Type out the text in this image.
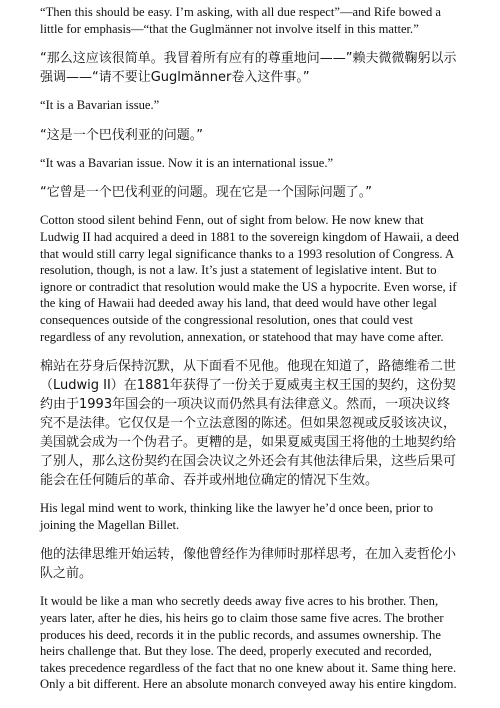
“Then this should be easy. I’m asking, with all due respect”—and Rife bowed a little for emphasis—“that the Guglmänner not involve itself in this matter.”

“那么这应该很简单。我冒着所有应有的尊重地问——”赖夫微微鞠躬以示强调——“请不要让Guglmänner卷入这件事。”

“It is a Bavarian issue.”

“这是一个巴伐利亚的问题。”

“It was a Bavarian issue. Now it is an international issue.”

“它曾是一个巴伐利亚的问题。现在它是一个国际问题了。”

Cotton stood silent behind Fenn, out of sight from below. He now knew that Ludwig II had acquired a deed in 1881 to the sovereign kingdom of Hawaii, a deed that would still carry legal significance thanks to a 1993 resolution of Congress. A resolution, though, is not a law. It’s just a statement of legislative intent. But to ignore or contradict that resolution would make the US a hypocrite. Even worse, if the king of Hawaii had deeded away his land, that deed would have other legal consequences outside of the congressional resolution, ones that could vest regardless of any revolution, annexation, or statehood that may have come after.

棉站在芬身后保持沉默，从下面看不见他。他现在知道了，路德维希二世（Ludwig II）在1881年获得了一份关于夏威夷主权王国的契约，这份契约由于1993年国会的一项决议而仍然具有法律意义。然而，一项决议终究不是法律。它仅仅是一个立法意图的陈述。但如果忽视或反驳该决议，美国就会成为一个伪君子。更糟的是，如果夏威夷国王将他的土地契约给了别人，那么这份契约在国会决议之外还会有其他法律后果，这些后果可能会在任何随后的革命、吞并或州地位确定的情况下生效。

His legal mind went to work, thinking like the lawyer he’d once been, prior to joining the Magellan Billet.

他的法律思维开始运转，像他曾经作为律师时那样思考，在加入麦哲伦小队之前。

It would be like a man who secretly deeds away five acres to his brother. Then, years later, after he dies, his heirs go to claim those same five acres. The brother produces his deed, records it in the public records, and assumes ownership. The heirs challenge that. But they lose. The deed, properly executed and recorded, takes precedence regardless of the fact that no one knew about it. Same thing here. Only a bit different. Here an absolute monarch conveyed away his entire kingdom.
